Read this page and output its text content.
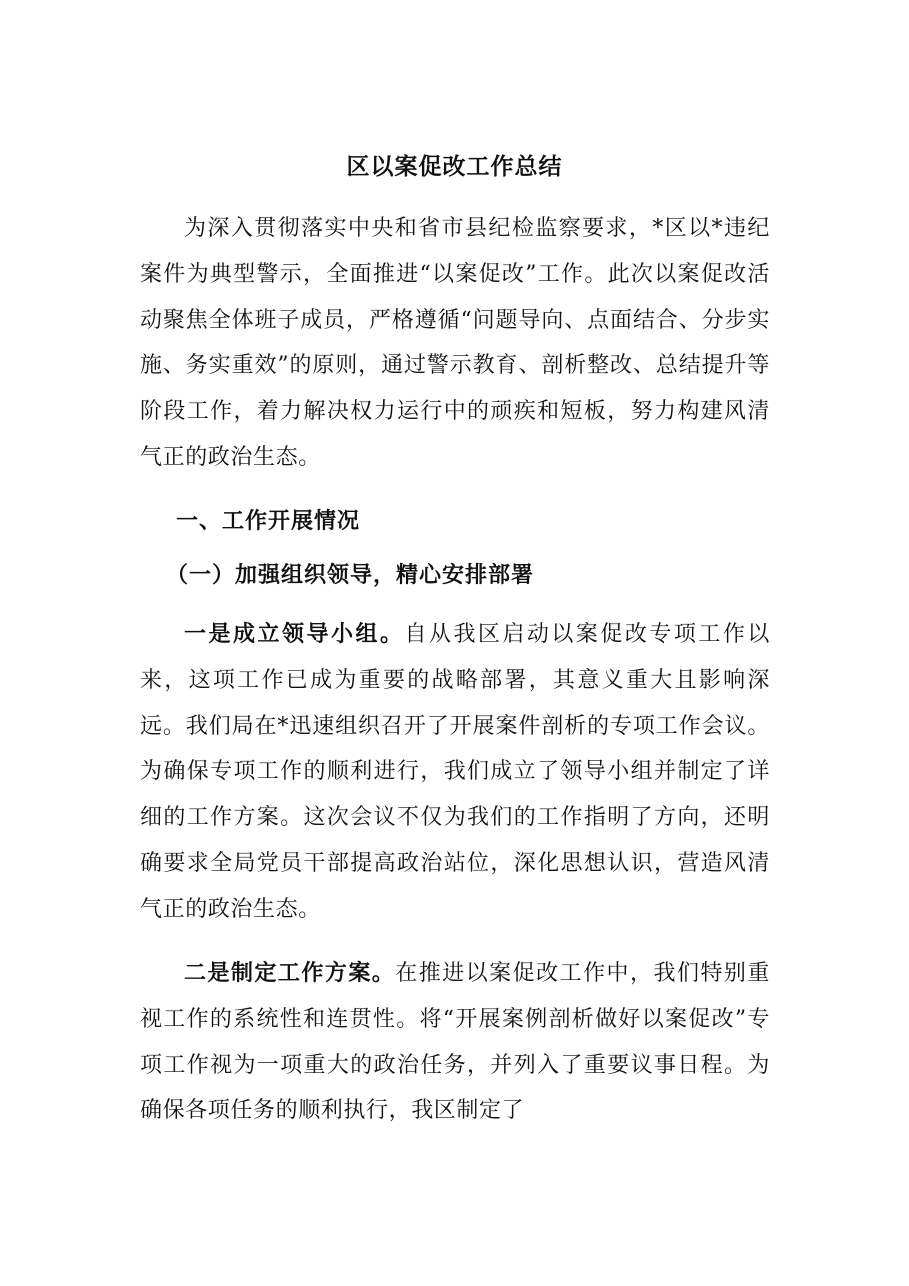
区以案促改工作总结

为深入贯彻落实中央和省市县纪检监察要求，*区以*违纪案件为典型警示，全面推进“以案促改”工作。此次以案促改活动聚焦全体班子成员，严格遵循“问题导向、点面结合、分步实施、务实重效”的原则，通过警示教育、剖析整改、总结提升等阶段工作，着力解决权力运行中的顽疾和短板，努力构建风清气正的政治生态。

一、工作开展情况
（一）加强组织领导，精心安排部署

一是成立领导小组。自从我区启动以案促改专项工作以来，这项工作已成为重要的战略部署，其意义重大且影响深远。我们局在*迅速组织召开了开展案件剖析的专项工作会议。为确保专项工作的顺利进行，我们成立了领导小组并制定了详细的工作方案。这次会议不仅为我们的工作指明了方向，还明确要求全局党员干部提高政治站位，深化思想认识，营造风清气正的政治生态。

二是制定工作方案。在推进以案促改工作中，我们特别重视工作的系统性和连贯性。将“开展案例剖析做好以案促改”专项工作视为一项重大的政治任务，并列入了重要议事日程。为确保各项任务的顺利执行，我区制定了
